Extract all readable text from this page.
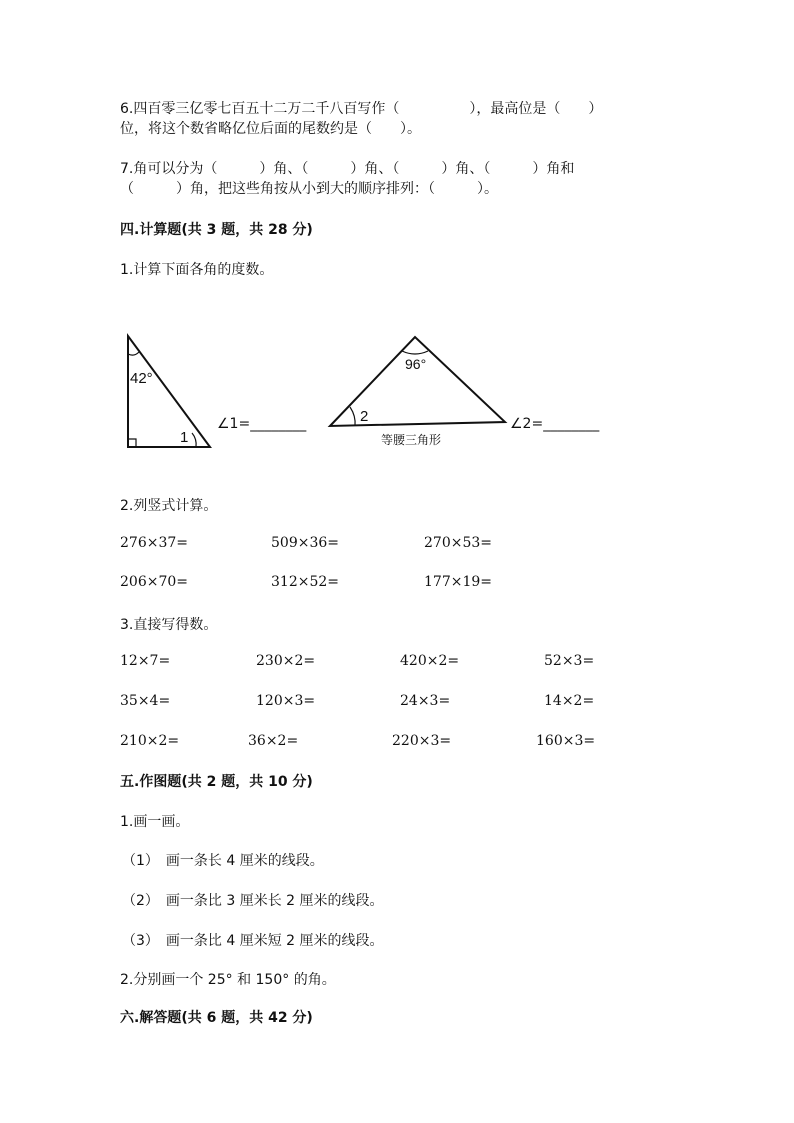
6.四百零三亿零七百五十二万二千八百写作（　　　　　），最高位是（　　）
位，将这个数省略亿位后面的尾数约是（　　）。
7.角可以分为（　　　）角、（　　　）角、（　　　）角、（　　　）角和
（　　　）角，把这些角按从小到大的顺序排列：（　　　）。
四.计算题(共 3 题，共 28 分)
1.计算下面各角的度数。
42°
1
∠1=________
96°
2
等腰三角形
∠2=________
2.列竖式计算。
276×37=	509×36=	270×53=
206×70=	312×52=	177×19=
3.直接写得数。
12×7=	230×2=	420×2=	52×3=
35×4=	120×3=	24×3=	14×2=
210×2=	36×2=	220×3=	160×3=
五.作图题(共 2 题，共 10 分)
1.画一画。
（1）　画一条长 4 厘米的线段。
（2）　画一条比 3 厘米长 2 厘米的线段。
（3）　画一条比 4 厘米短 2 厘米的线段。
2.分别画一个 25° 和 150° 的角。
六.解答题(共 6 题，共 42 分)
